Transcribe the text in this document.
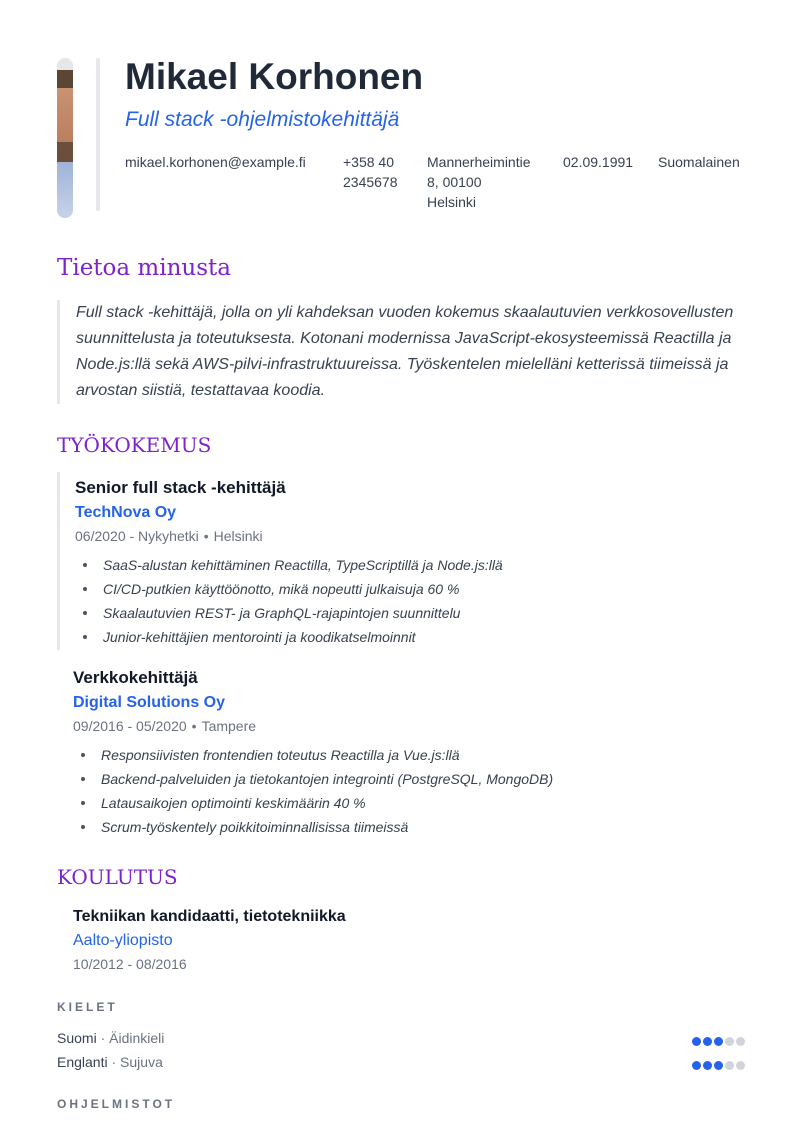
Mikael Korhonen
Full stack -ohjelmistokehittäjä
mikael.korhonen@example.fi	+358 40
2345678
Mannerheimintie
8, 00100
Helsinki
02.09.1991 Suomalainen
Tietoa minusta
Full stack -kehittäjä, jolla on yli kahdeksan vuoden kokemus skaalautuvien verkkosovellusten suunnittelusta ja toteutuksesta. Kotonani modernissa JavaScript-ekosysteemissä Reactilla ja Node.js:llä sekä AWS-pilvi-infrastruktuureissa. Työskentelen mielelläni ketterissä tiimeissä ja arvostan siistiä, testattavaa koodia.
TYÖKOKEMUS
Senior full stack -kehittäjä
TechNova Oy
06/2020 - Nykyhetki • Helsinki
SaaS-alustan kehittäminen Reactilla, TypeScriptillä ja Node.js:llä
CI/CD-putkien käyttöönotto, mikä nopeutti julkaisuja 60 %
Skaalautuvien REST- ja GraphQL-rajapintojen suunnittelu
Junior-kehittäjien mentorointi ja koodikatselmoinnit
Verkkokehittäjä
Digital Solutions Oy
09/2016 - 05/2020 • Tampere
Responsiivisten frontendien toteutus Reactilla ja Vue.js:llä
Backend-palveluiden ja tietokantojen integrointi (PostgreSQL, MongoDB)
Latausaikojen optimointi keskimäärin 40 %
Scrum-työskentely poikkitoiminnallisissa tiimeissä
KOULUTUS
Tekniikan kandidaatti, tietotekniikka
Aalto-yliopisto
10/2012 - 08/2016
KIELET
Suomi · Äidinkieli
Englanti · Sujuva
OHJELMISTOT
